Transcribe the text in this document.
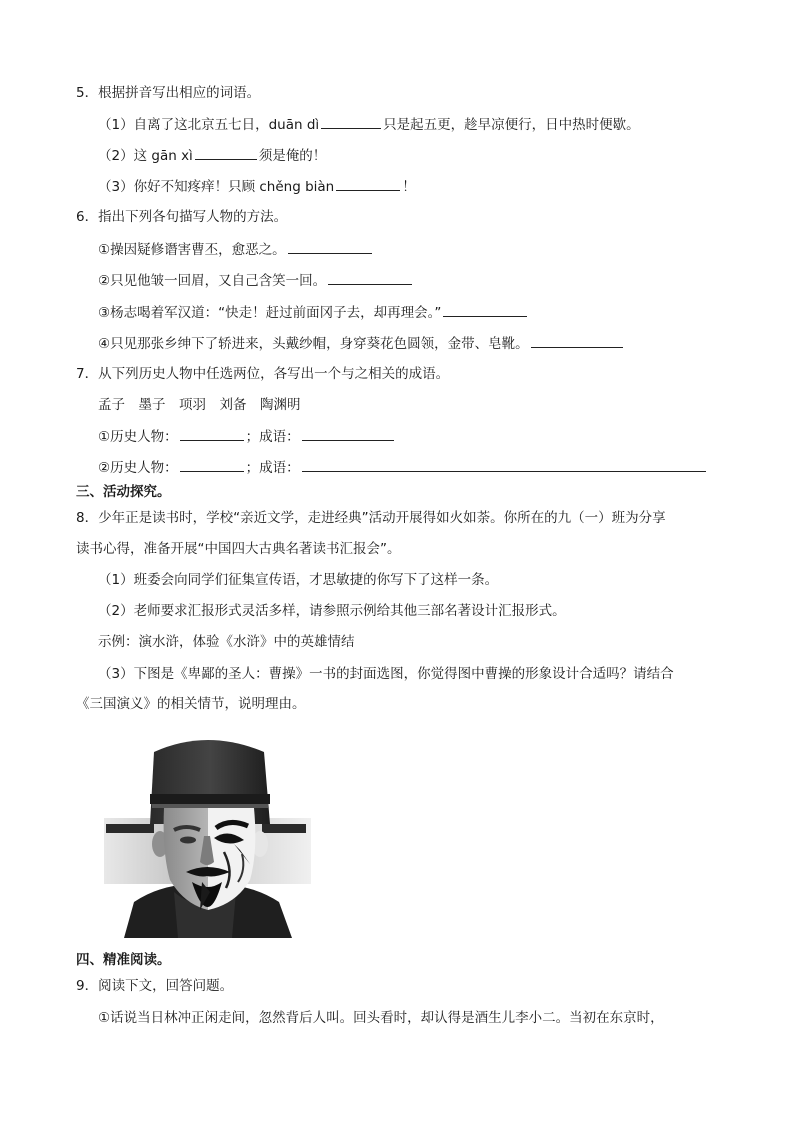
5．根据拼音写出相应的词语。
（1）自离了这北京五七日，duān dì	只是起五更，趁早凉便行，日中热时便歇。
（2）这 gān xì	须是俺的！
（3）你好不知疼痒！只顾 chěng biàn	！
6．指出下列各句描写人物的方法。
①操因疑修谮害曹丕，愈恶之。
②只见他皱一回眉，又自己含笑一回。
③杨志喝着军汉道：“快走！赶过前面冈子去，却再理会。”
④只见那张乡绅下了轿进来，头戴纱帽，身穿葵花色圆领，金带、皂靴。
7．从下列历史人物中任选两位，各写出一个与之相关的成语。
孟子　墨子　项羽　刘备　陶渊明
①历史人物：	；成语：
②历史人物：	；成语：
三、活动探究。
8．少年正是读书时，学校“亲近文学，走进经典”活动开展得如火如荼。你所在的九（一）班为分享
读书心得，准备开展“中国四大古典名著读书汇报会”。
（1）班委会向同学们征集宣传语，才思敏捷的你写下了这样一条。
（2）老师要求汇报形式灵活多样，请参照示例给其他三部名著设计汇报形式。
示例：演水浒，体验《水浒》中的英雄情结
（3）下图是《卑鄙的圣人：曹操》一书的封面选图，你觉得图中曹操的形象设计合适吗？请结合
《三国演义》的相关情节，说明理由。
四、精准阅读。
9．阅读下文，回答问题。
①话说当日林冲正闲走间，忽然背后人叫。回头看时，却认得是酒生儿李小二。当初在东京时，
